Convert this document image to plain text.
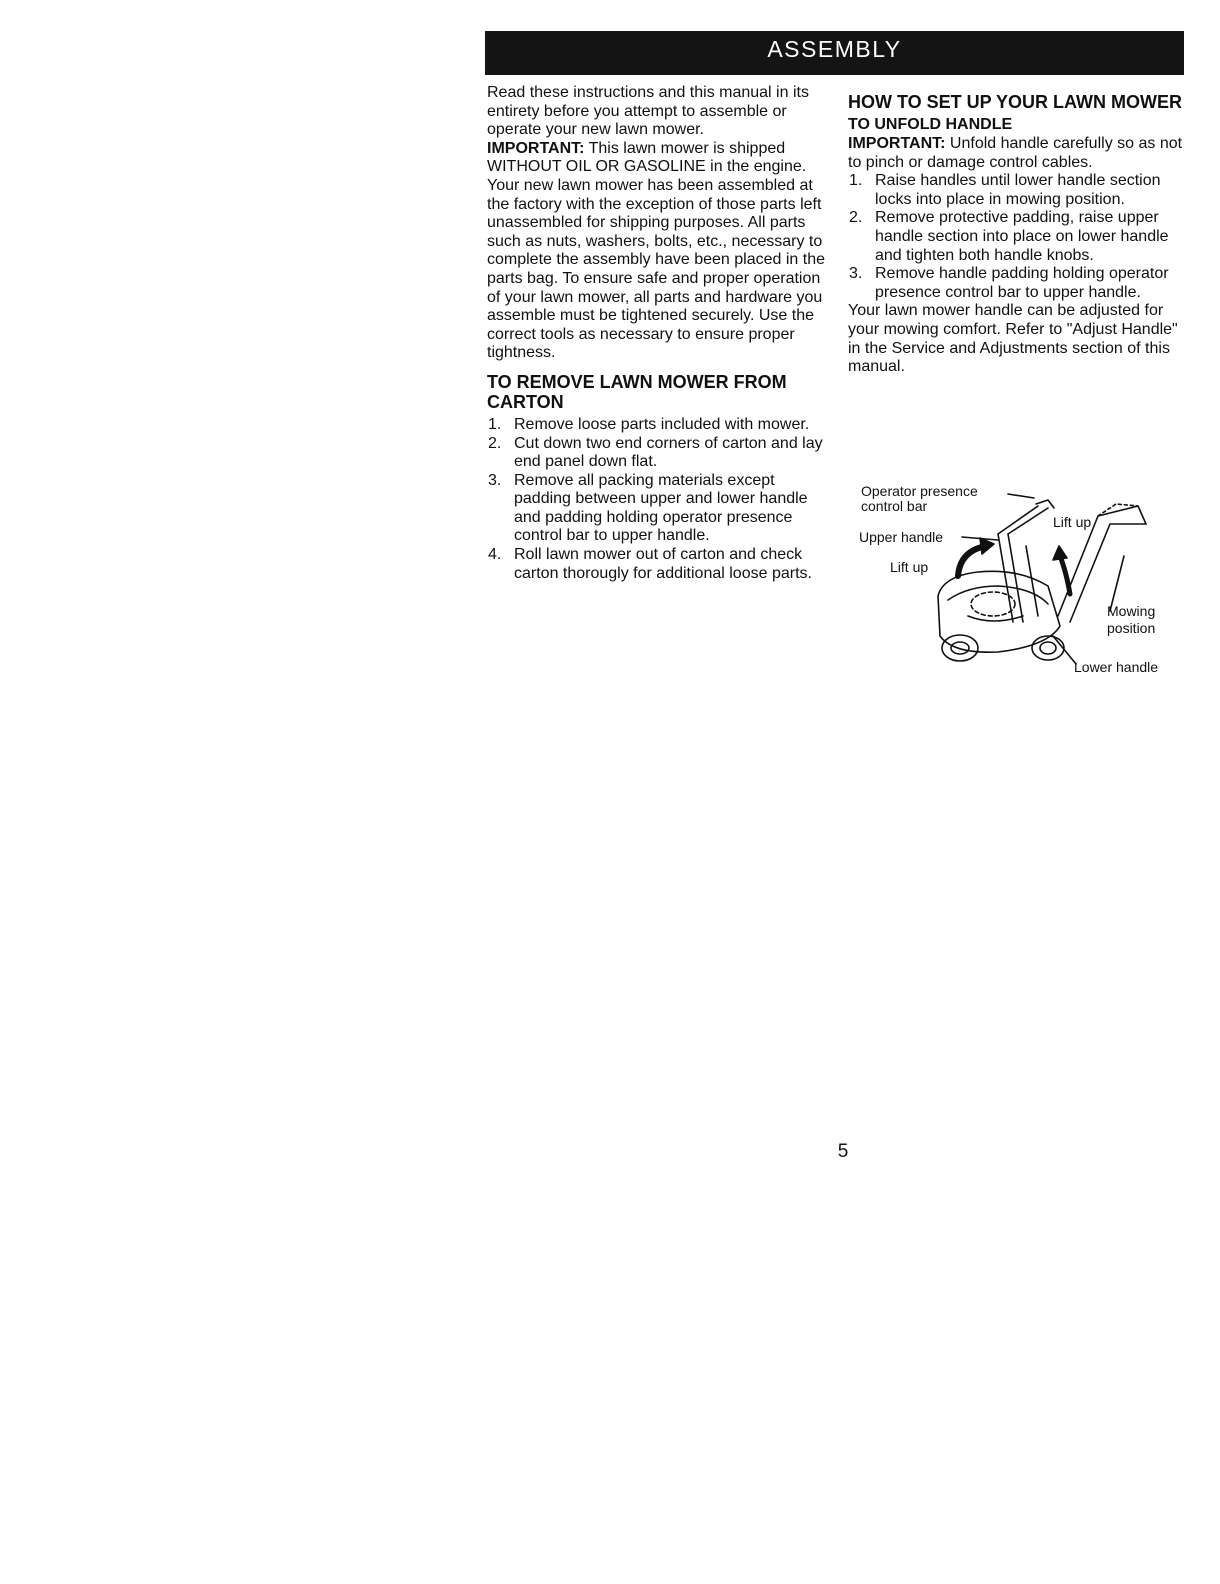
ASSEMBLY

Read these instructions and this manual in its entirety before you attempt to assemble or operate your new lawn mower.

IMPORTANT: This lawn mower is shipped WITHOUT OIL OR GASOLINE in the engine.

Your new lawn mower has been assembled at the factory with the exception of those parts left unassembled for shipping purposes. All parts such as nuts, washers, bolts, etc., necessary to complete the assembly have been placed in the parts bag. To ensure safe and proper operation of your lawn mower, all parts and hardware you assemble must be tightened securely. Use the correct tools as necessary to ensure proper tightness.

TO REMOVE LAWN MOWER FROM CARTON
1. Remove loose parts included with mower.
2. Cut down two end corners of carton and lay end panel down flat.
3. Remove all packing materials except padding between upper and lower handle and padding holding operator presence control bar to upper handle.
4. Roll lawn mower out of carton and check carton thorougly for additional loose parts.
HOW TO SET UP YOUR LAWN MOWER
TO UNFOLD HANDLE

IMPORTANT: Unfold handle carefully so as not to pinch or damage control cables.

1. Raise handles until lower handle section locks into place in mowing position.
2. Remove protective padding, raise upper handle section into place on lower handle and tighten both handle knobs.
3. Remove handle padding holding operator presence control bar to upper handle.

Your lawn mower handle can be adjusted for your mowing comfort. Refer to "Adjust Handle" in the Service and Adjustments section of this manual.

Operator presence
control bar
Upper handle
Lift up
Lift up
Mowing
position
Lower handle
5
